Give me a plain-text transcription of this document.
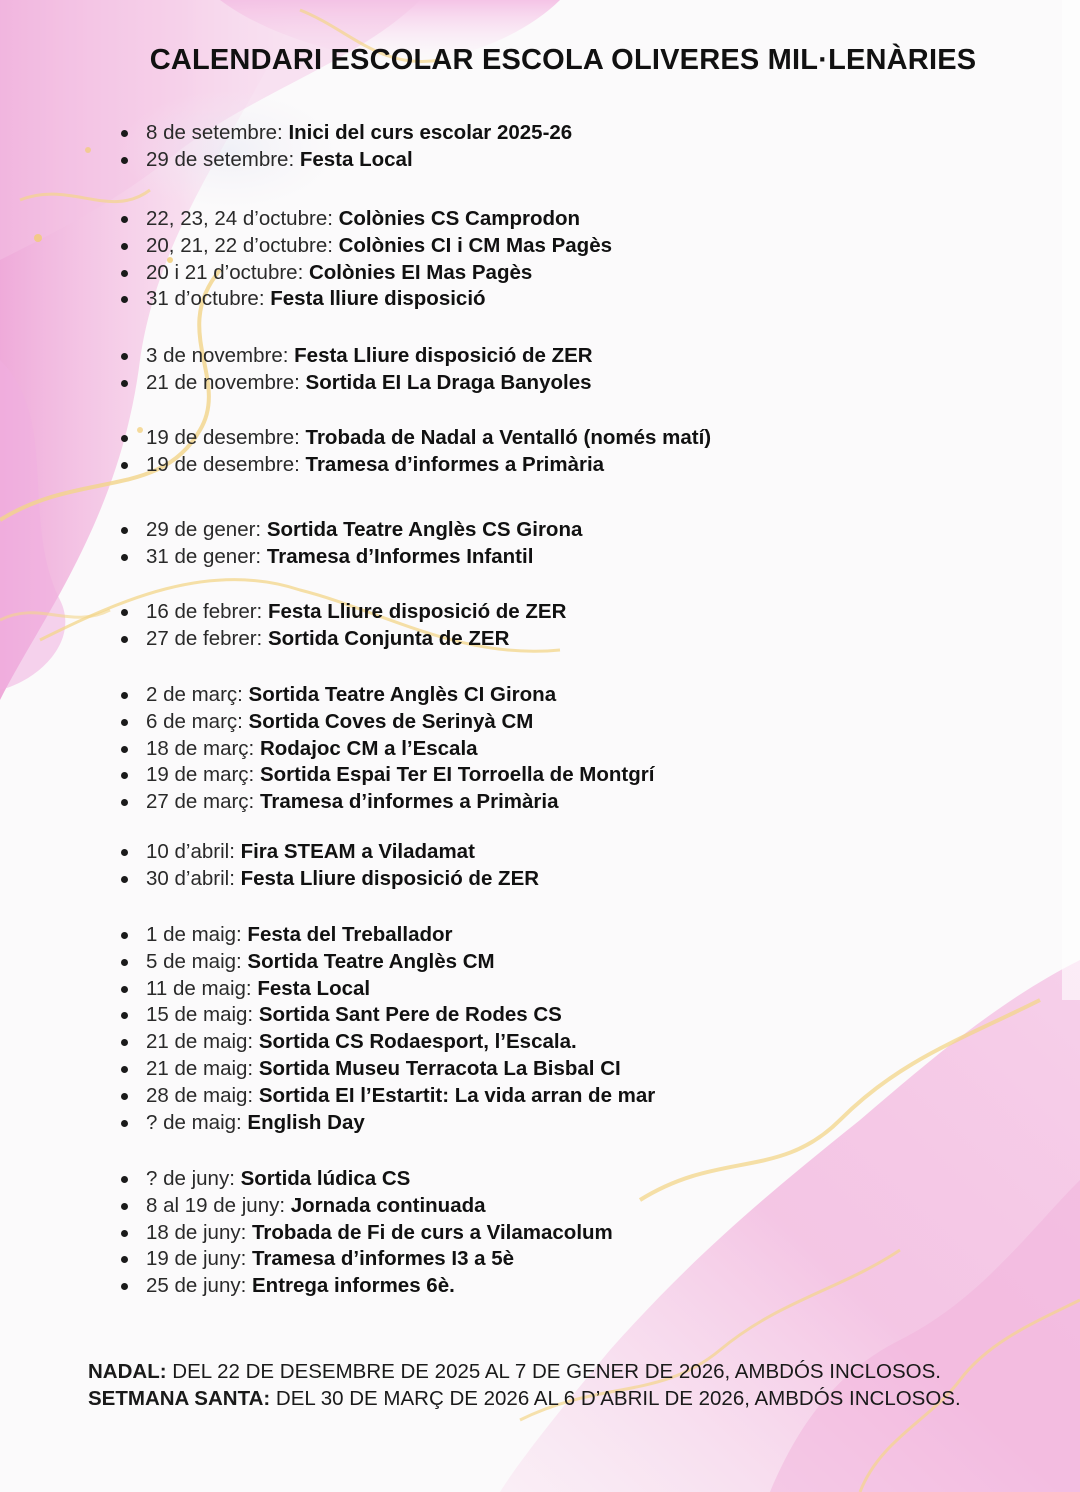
CALENDARI ESCOLAR ESCOLA OLIVERES MIL·LENÀRIES
8 de setembre: Inici del curs escolar 2025-26
29 de setembre: Festa Local
22, 23, 24 d’octubre: Colònies CS Camprodon
20, 21, 22 d’octubre: Colònies CI i CM Mas Pagès
20 i 21 d’octubre: Colònies EI Mas Pagès
31 d’octubre: Festa lliure disposició
3 de novembre: Festa Lliure disposició de ZER
21 de novembre: Sortida EI La Draga Banyoles
19 de desembre: Trobada de Nadal a Ventalló (només matí)
19 de desembre: Tramesa d’informes a Primària
29 de gener: Sortida Teatre Anglès CS Girona
31 de gener: Tramesa d’Informes Infantil
16 de febrer: Festa Lliure disposició de ZER
27 de febrer: Sortida Conjunta de ZER
2 de març: Sortida Teatre Anglès CI Girona
6 de març: Sortida Coves de Serinyà CM
18 de març: Rodajoc CM a l’Escala
19 de març: Sortida Espai Ter EI Torroella de Montgrí
27 de març: Tramesa d’informes a Primària
10 d’abril: Fira STEAM a Viladamat
30 d’abril: Festa Lliure disposició de ZER
1 de maig: Festa del Treballador
5 de maig: Sortida Teatre Anglès CM
11 de maig: Festa Local
15 de maig: Sortida Sant Pere de Rodes CS
21 de maig: Sortida CS Rodaesport, l’Escala.
21 de maig: Sortida Museu Terracota La Bisbal CI
28 de maig: Sortida EI l’Estartit: La vida arran de mar
? de maig: English Day
? de juny: Sortida lúdica CS
8 al 19 de juny: Jornada continuada
18 de juny: Trobada de Fi de curs a Vilamacolum
19 de juny: Tramesa d’informes I3 a 5è
25 de juny: Entrega informes 6è.
NADAL: DEL 22 DE DESEMBRE DE 2025 AL 7 DE GENER DE 2026, AMBDÓS INCLOSOS.
SETMANA SANTA: DEL 30 DE MARÇ DE 2026 AL 6 D’ABRIL DE 2026, AMBDÓS INCLOSOS.
